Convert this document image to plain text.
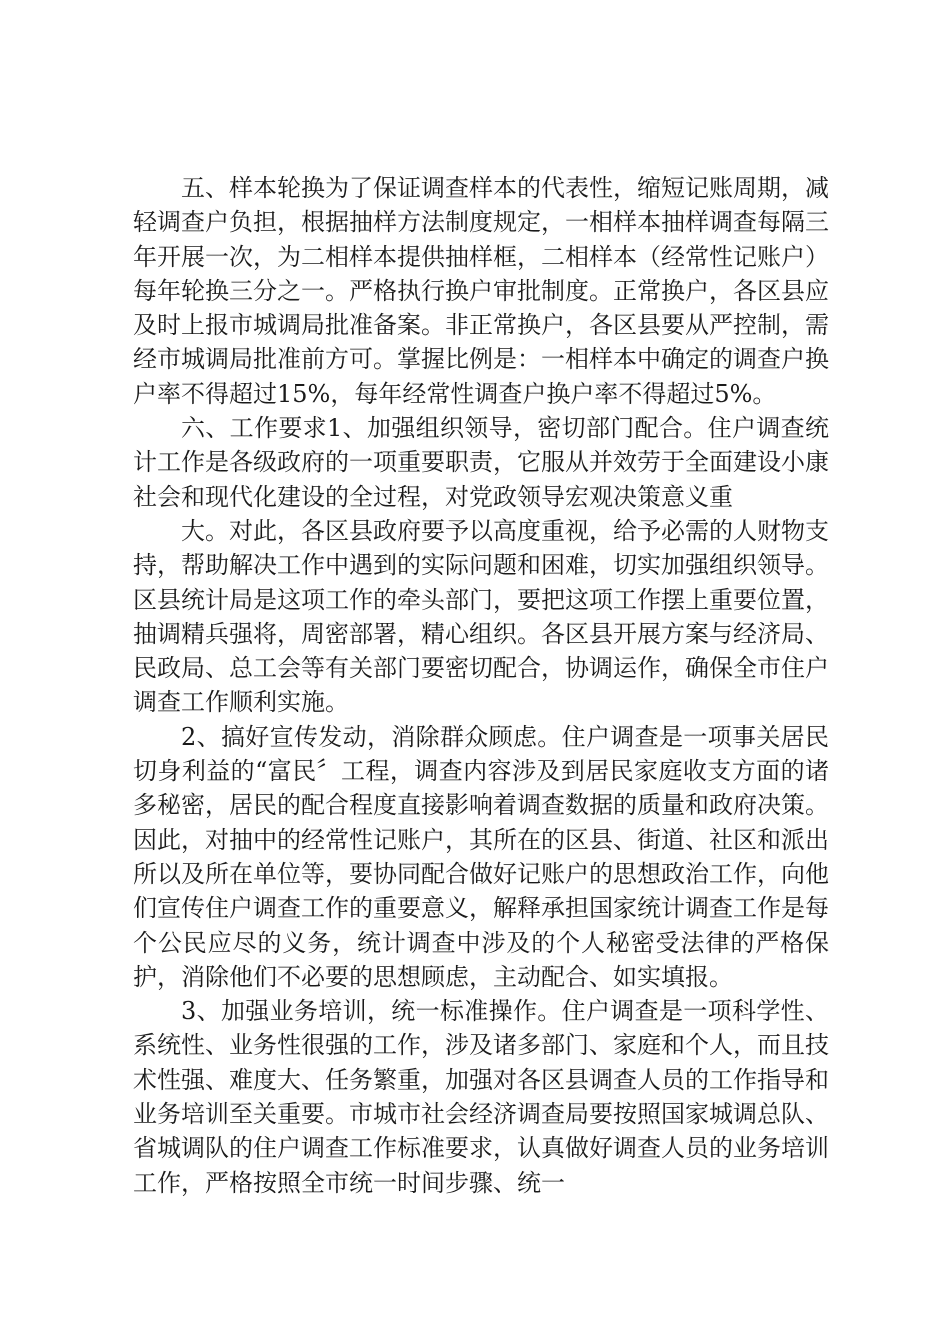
五、样本轮换为了保证调查样本的代表性，缩短记账周期，减轻调查户负担，根据抽样方法制度规定，一相样本抽样调查每隔三年开展一次，为二相样本提供抽样框，二相样本（经常性记账户）每年轮换三分之一。严格执行换户审批制度。正常换户，各区县应及时上报市城调局批准备案。非正常换户，各区县要从严控制，需经市城调局批准前方可。掌握比例是：一相样本中确定的调查户换户率不得超过15%，每年经常性调查户换户率不得超过5%。

六、工作要求1、加强组织领导，密切部门配合。住户调查统计工作是各级政府的一项重要职责，它服从并效劳于全面建设小康社会和现代化建设的全过程，对党政领导宏观决策意义重

大。对此，各区县政府要予以高度重视，给予必需的人财物支持，帮助解决工作中遇到的实际问题和困难，切实加强组织领导。区县统计局是这项工作的牵头部门，要把这项工作摆上重要位置，抽调精兵强将，周密部署，精心组织。各区县开展方案与经济局、民政局、总工会等有关部门要密切配合，协调运作，确保全市住户调查工作顺利实施。

2、搞好宣传发动，消除群众顾虑。住户调查是一项事关居民切身利益的“富民〞工程，调查内容涉及到居民家庭收支方面的诸多秘密，居民的配合程度直接影响着调查数据的质量和政府决策。因此，对抽中的经常性记账户，其所在的区县、街道、社区和派出所以及所在单位等，要协同配合做好记账户的思想政治工作，向他们宣传住户调查工作的重要意义，解释承担国家统计调查工作是每个公民应尽的义务，统计调查中涉及的个人秘密受法律的严格保护，消除他们不必要的思想顾虑，主动配合、如实填报。

3、加强业务培训，统一标准操作。住户调查是一项科学性、系统性、业务性很强的工作，涉及诸多部门、家庭和个人，而且技术性强、难度大、任务繁重，加强对各区县调查人员的工作指导和业务培训至关重要。市城市社会经济调查局要按照国家城调总队、省城调队的住户调查工作标准要求，认真做好调查人员的业务培训工作，严格按照全市统一时间步骤、统一
